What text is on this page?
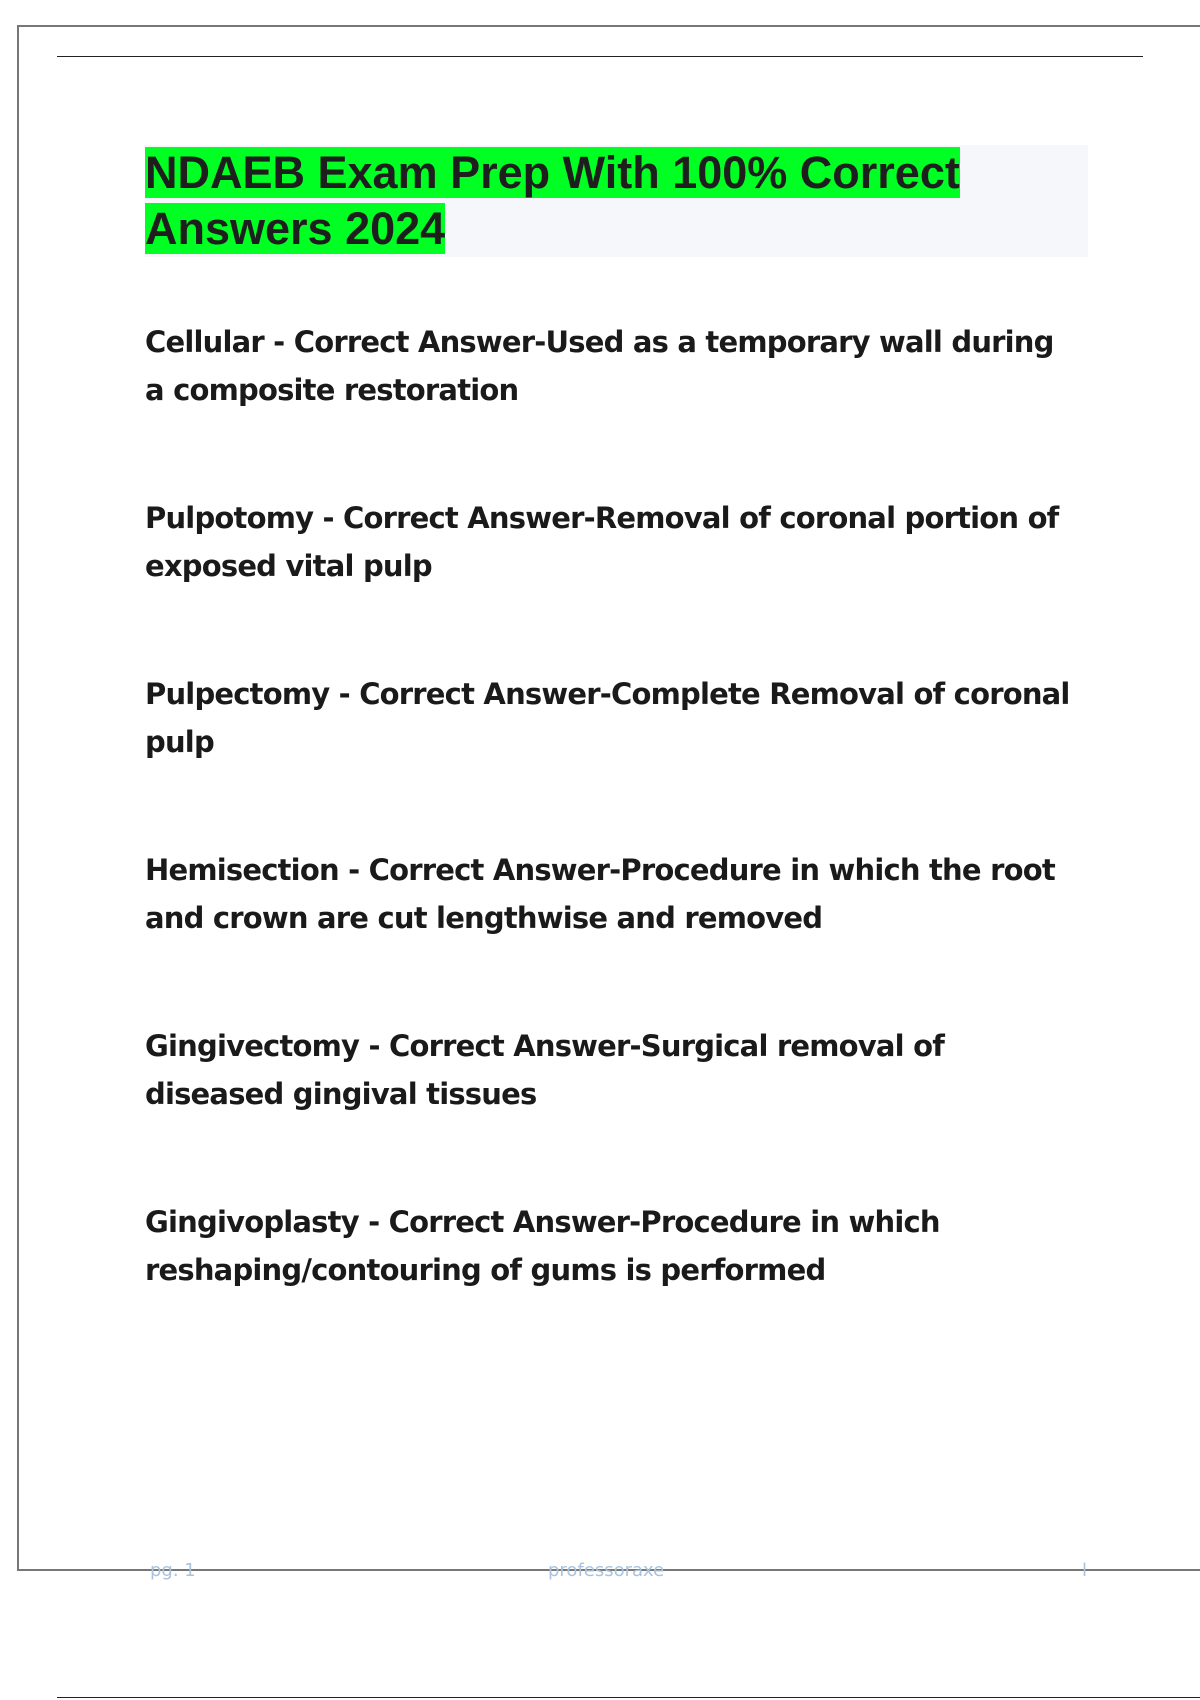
NDAEB Exam Prep With 100% Correct
Answers 2024
Cellular - Correct Answer-Used as a temporary wall during a composite restoration
Pulpotomy - Correct Answer-Removal of coronal portion of exposed vital pulp
Pulpectomy - Correct Answer-Complete Removal of coronal pulp
Hemisection - Correct Answer-Procedure in which the root and crown are cut lengthwise and removed
Gingivectomy - Correct Answer-Surgical removal of diseased gingival tissues
Gingivoplasty - Correct Answer-Procedure in which reshaping/contouring of gums is performed
pg. 1	professoraxe	l
